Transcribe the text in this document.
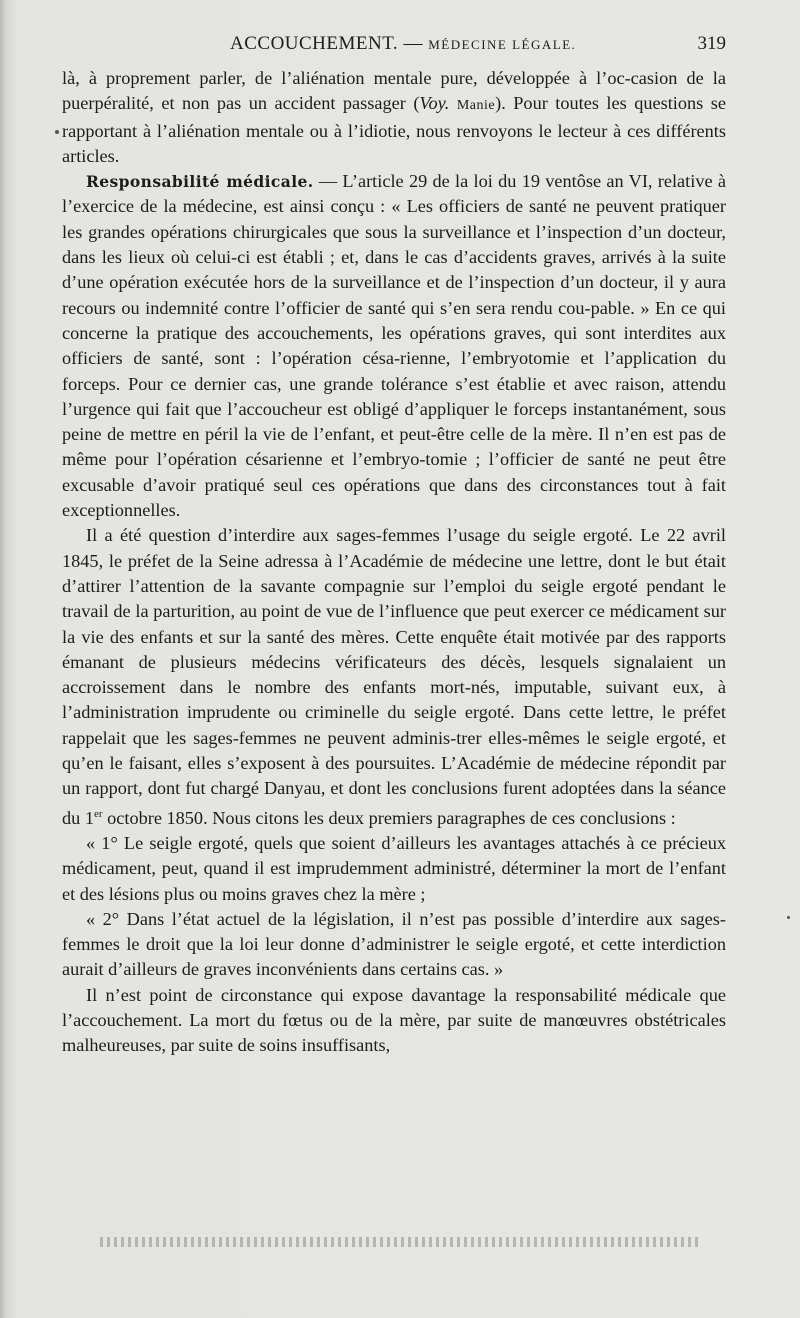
ACCOUCHEMENT. — MÉDECINE LÉGALE.	319

là, à proprement parler, de l’aliénation mentale pure, développée à l’oc-casion de la puerpéralité, et non pas un accident passager (Voy. Manie). Pour toutes les questions se rapportant à l’aliénation mentale ou à l’idiotie, nous renvoyons le lecteur à ces différents articles.

Responsabilité médicale. — L’article 29 de la loi du 19 ventôse an VI, relative à l’exercice de la médecine, est ainsi conçu : « Les officiers de santé ne peuvent pratiquer les grandes opérations chirurgicales que sous la surveillance et l’inspection d’un docteur, dans les lieux où celui-ci est établi ; et, dans le cas d’accidents graves, arrivés à la suite d’une opération exécutée hors de la surveillance et de l’inspection d’un docteur, il y aura recours ou indemnité contre l’officier de santé qui s’en sera rendu cou-pable. » En ce qui concerne la pratique des accouchements, les opérations graves, qui sont interdites aux officiers de santé, sont : l’opération césa-rienne, l’embryotomie et l’application du forceps. Pour ce dernier cas, une grande tolérance s’est établie et avec raison, attendu l’urgence qui fait que l’accoucheur est obligé d’appliquer le forceps instantanément, sous peine de mettre en péril la vie de l’enfant, et peut-être celle de la mère. Il n’en est pas de même pour l’opération césarienne et l’embryo-tomie ; l’officier de santé ne peut être excusable d’avoir pratiqué seul ces opérations que dans des circonstances tout à fait exceptionnelles.

Il a été question d’interdire aux sages-femmes l’usage du seigle ergoté. Le 22 avril 1845, le préfet de la Seine adressa à l’Académie de médecine une lettre, dont le but était d’attirer l’attention de la savante compagnie sur l’emploi du seigle ergoté pendant le travail de la parturition, au point de vue de l’influence que peut exercer ce médicament sur la vie des enfants et sur la santé des mères. Cette enquête était motivée par des rapports émanant de plusieurs médecins vérificateurs des décès, lesquels signalaient un accroissement dans le nombre des enfants mort-nés, imputable, suivant eux, à l’administration imprudente ou criminelle du seigle ergoté. Dans cette lettre, le préfet rappelait que les sages-femmes ne peuvent adminis-trer elles-mêmes le seigle ergoté, et qu’en le faisant, elles s’exposent à des poursuites. L’Académie de médecine répondit par un rapport, dont fut chargé Danyau, et dont les conclusions furent adoptées dans la séance du 1er octobre 1850. Nous citons les deux premiers paragraphes de ces conclusions :

« 1° Le seigle ergoté, quels que soient d’ailleurs les avantages attachés à ce précieux médicament, peut, quand il est imprudemment administré, déterminer la mort de l’enfant et des lésions plus ou moins graves chez la mère ;

« 2° Dans l’état actuel de la législation, il n’est pas possible d’interdire aux sages-femmes le droit que la loi leur donne d’administrer le seigle ergoté, et cette interdiction aurait d’ailleurs de graves inconvénients dans certains cas. »

Il n’est point de circonstance qui expose davantage la responsabilité médicale que l’accouchement. La mort du fœtus ou de la mère, par suite de manœuvres obstétricales malheureuses, par suite de soins insuffisants,
